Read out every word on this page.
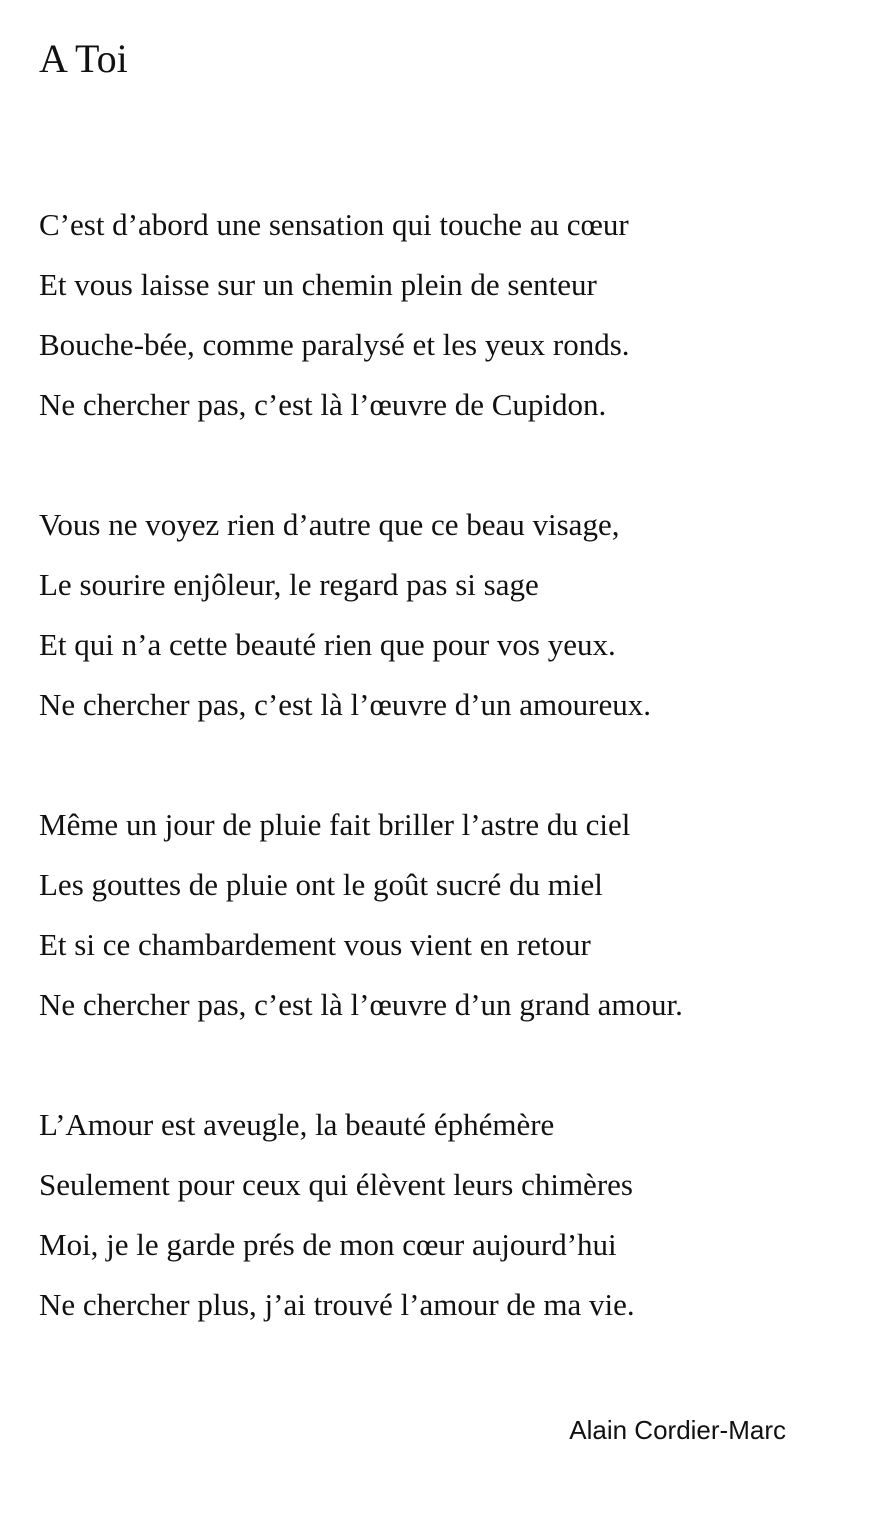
A Toi
C’est d’abord une sensation qui touche au cœur
Et vous laisse sur un chemin plein de senteur
Bouche-bée, comme paralysé et les yeux ronds.
Ne chercher pas, c’est là l’œuvre de Cupidon.
Vous ne voyez rien d’autre que ce beau visage,
Le sourire enjôleur, le regard pas si sage
Et qui n’a cette beauté rien que pour vos yeux.
Ne chercher pas, c’est là l’œuvre d’un amoureux.
Même un jour de pluie fait briller l’astre du ciel
Les gouttes de pluie ont le goût sucré du miel
Et si ce chambardement vous vient en retour
Ne chercher pas, c’est là l’œuvre d’un grand amour.
L’Amour est aveugle, la beauté éphémère
Seulement pour ceux qui élèvent leurs chimères
Moi, je le garde prés de mon cœur aujourd’hui
Ne chercher plus, j’ai trouvé l’amour de ma vie.
Alain Cordier-Marc
